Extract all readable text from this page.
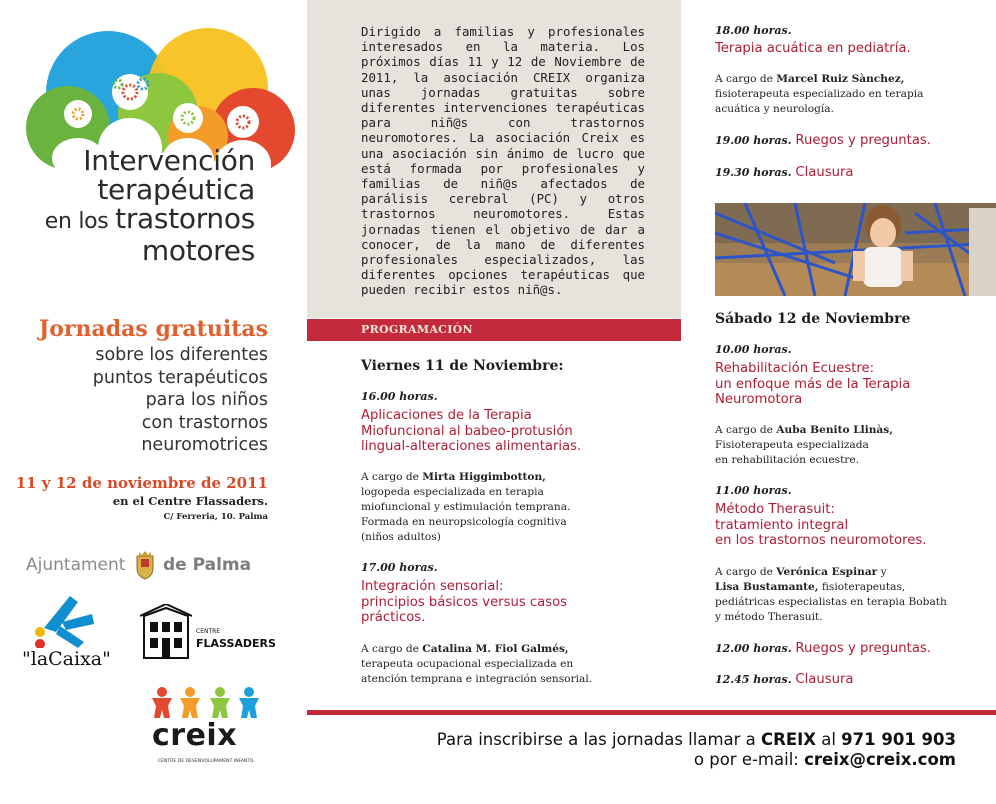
Intervención
terapéutica
en los trastornos
motores
Jornadas gratuitas
sobre los diferentes
puntos terapéuticos
para los niños
con trastornos
neuromotrices
11 y 12 de noviembre de 2011
en el Centre Flassaders.
C/ Ferreria, 10. Palma
Ajuntament de Palma
"laCaixa"
CENTRE
FLASSADERS
creix
CENTRE DE DESENVOLUPAMENT INFANTIL

Dirigido a familias y profesionales interesados en la materia. Los próximos días 11 y 12 de Noviembre de 2011, la asociación CREIX organiza unas jornadas gratuitas sobre diferentes intervenciones terapéuticas para niñ@s con trastornos neuromotores. La asociación Creix es una asociación sin ánimo de lucro que está formada por profesionales y familias de niñ@s afectados de parálisis cerebral (PC) y otros trastornos neuromotores. Estas jornadas tienen el objetivo de dar a conocer, de la mano de diferentes profesionales especializados, las diferentes opciones terapéuticas que pueden recibir estos niñ@s.

PROGRAMACIÓN
Viernes 11 de Noviembre:
16.00 horas.
Aplicaciones de la Terapia
Miofuncional al babeo-protusión
lingual-alteraciones alimentarias.
A cargo de Mirta Higgimbotton,
logopeda especializada en terapia
miofuncional y estimulación temprana.
Formada en neuropsicología cognitiva
(niños adultos)
17.00 horas.
Integración sensorial:
principios básicos versus casos
prácticos.
A cargo de Catalina M. Fiol Galmés,
terapeuta ocupacional especializada en
atención temprana e integración sensorial.
18.00 horas.
Terapia acuática en pediatría.
A cargo de Marcel Ruiz Sànchez,
fisioterapeuta especializado en terapia
acuática y neurología.
19.00 horas. Ruegos y preguntas.
19.30 horas. Clausura
Sábado 12 de Noviembre
10.00 horas.
Rehabilitación Ecuestre:
un enfoque más de la Terapia
Neuromotora
A cargo de Auba Benito Llinàs,
Fisioterapeuta especializada
en rehabilitación ecuestre.
11.00 horas.
Método Therasuit:
tratamiento integral
en los trastornos neuromotores.
A cargo de Verónica Espinar y
Lisa Bustamante, fisioterapeutas,
pediátricas especialistas en terapia Bobath
y método Therasuit.
12.00 horas. Ruegos y preguntas.
12.45 horas. Clausura
Para inscribirse a las jornadas llamar a CREIX al 971 901 903
o por e-mail: creix@creix.com
